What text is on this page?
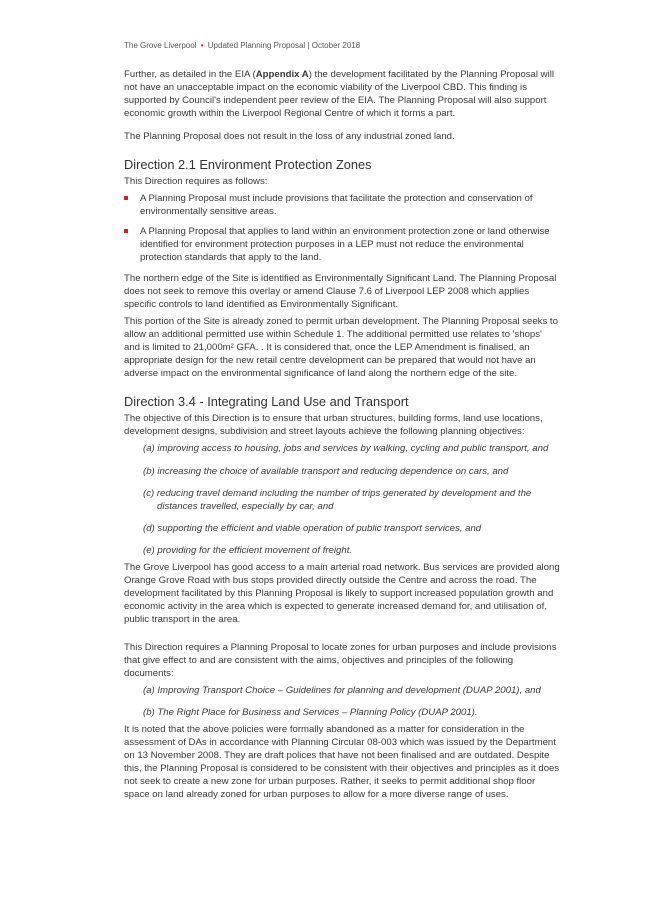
The Grove Liverpool • Updated Planning Proposal | October 2018

Further, as detailed in the EIA (Appendix A) the development facilitated by the Planning Proposal will not have an unacceptable impact on the economic viability of the Liverpool CBD. This finding is supported by Council's independent peer review of the EIA. The Planning Proposal will also support economic growth within the Liverpool Regional Centre of which it forms a part.

The Planning Proposal does not result in the loss of any industrial zoned land.

Direction 2.1 Environment Protection Zones

This Direction requires as follows:

A Planning Proposal must include provisions that facilitate the protection and conservation of environmentally sensitive areas.
A Planning Proposal that applies to land within an environment protection zone or land otherwise identified for environment protection purposes in a LEP must not reduce the environmental protection standards that apply to the land.

The northern edge of the Site is identified as Environmentally Significant Land. The Planning Proposal does not seek to remove this overlay or amend Clause 7.6 of Liverpool LEP 2008 which applies specific controls to land identified as Environmentally Significant.

This portion of the Site is already zoned to permit urban development. The Planning Proposal seeks to allow an additional permitted use within Schedule 1. The additional permitted use relates to 'shops' and is limited to 21,000m² GFA. . It is considered that, once the LEP Amendment is finalised, an appropriate design for the new retail centre development can be prepared that would not have an adverse impact on the environmental significance of land along the northern edge of the site.

Direction 3.4 - Integrating Land Use and Transport

The objective of this Direction is to ensure that urban structures, building forms, land use locations, development designs, subdivision and street layouts achieve the following planning objectives:

(a) improving access to housing, jobs and services by walking, cycling and public transport, and
(b) increasing the choice of available transport and reducing dependence on cars, and
(c) reducing travel demand including the number of trips generated by development and the distances travelled, especially by car, and
(d) supporting the efficient and viable operation of public transport services, and
(e) providing for the efficient movement of freight.

The Grove Liverpool has good access to a main arterial road network. Bus services are provided along Orange Grove Road with bus stops provided directly outside the Centre and across the road. The development facilitated by this Planning Proposal is likely to support increased population growth and economic activity in the area which is expected to generate increased demand for, and utilisation of, public transport in the area.

This Direction requires a Planning Proposal to locate zones for urban purposes and include provisions that give effect to and are consistent with the aims, objectives and principles of the following documents:

(a) Improving Transport Choice – Guidelines for planning and development (DUAP 2001), and
(b) The Right Place for Business and Services – Planning Policy (DUAP 2001).

It is noted that the above policies were formally abandoned as a matter for consideration in the assessment of DAs in accordance with Planning Circular 08-003 which was issued by the Department on 13 November 2008. They are draft polices that have not been finalised and are outdated. Despite this, the Planning Proposal is considered to be consistent with their objectives and principles as it does not seek to create a new zone for urban purposes. Rather, it seeks to permit additional shop floor space on land already zoned for urban purposes to allow for a more diverse range of uses.
